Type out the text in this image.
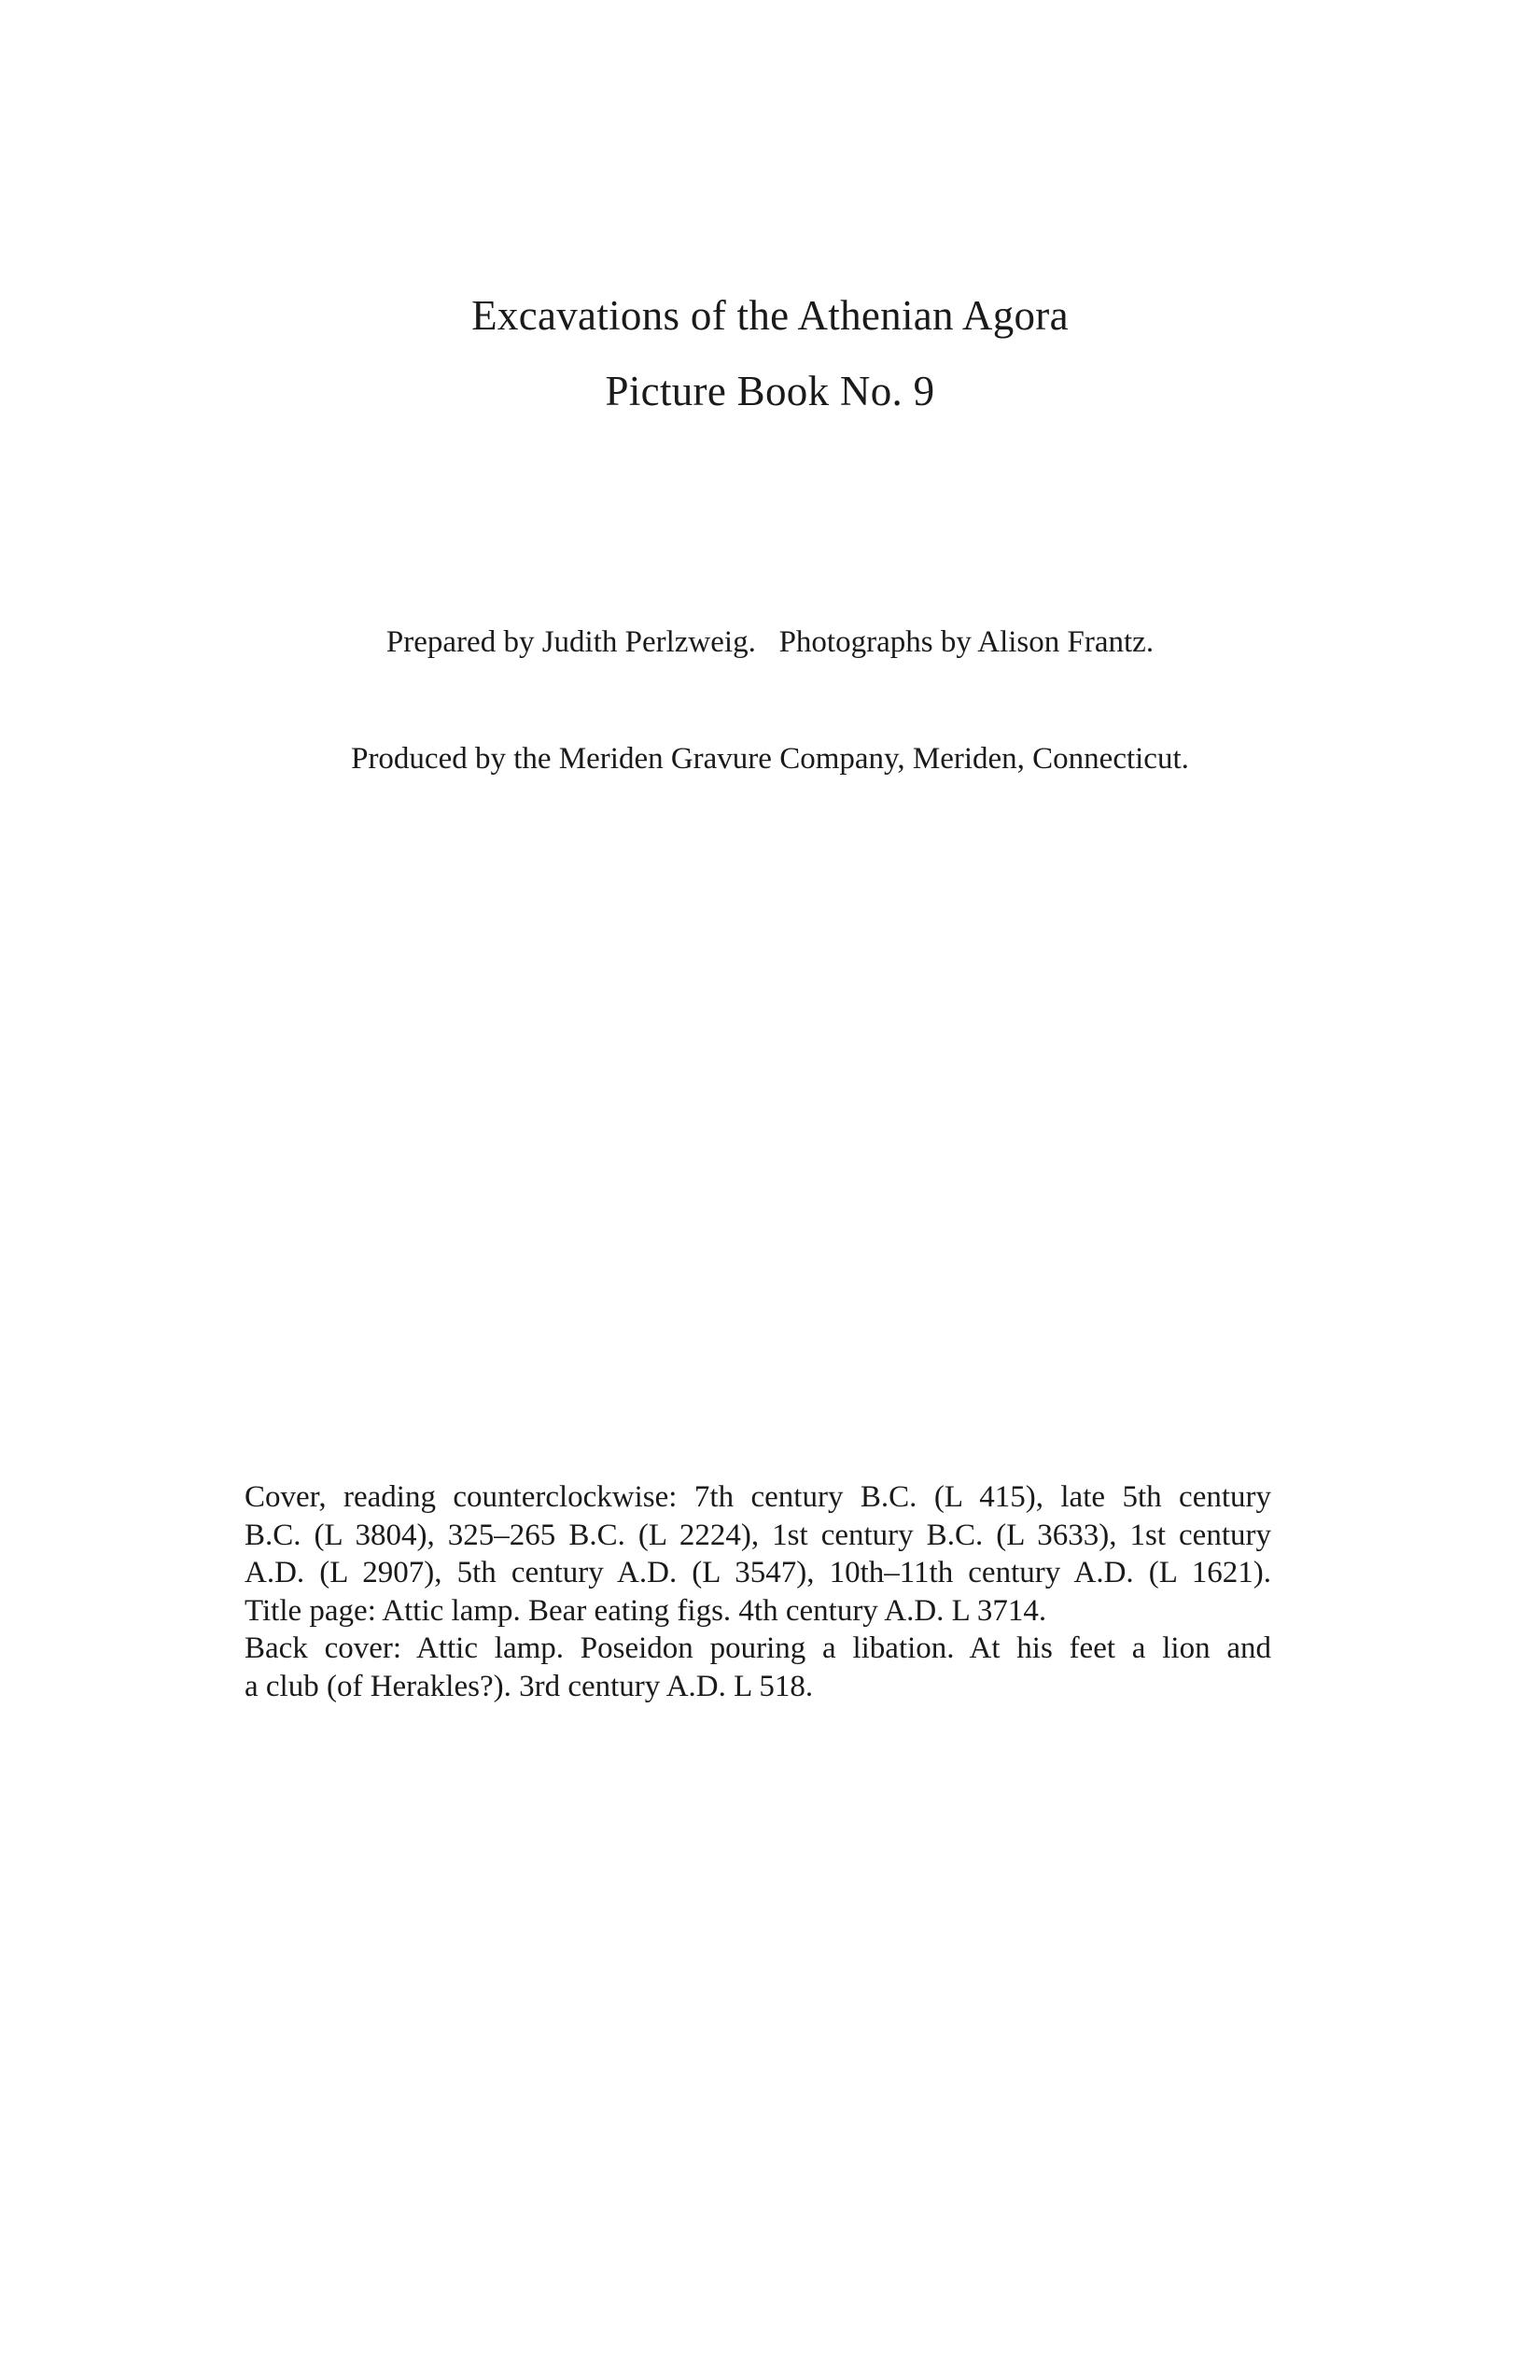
Excavations of the Athenian Agora
Picture Book No. 9
Prepared by Judith Perlzweig.   Photographs by Alison Frantz.
Produced by the Meriden Gravure Company, Meriden, Connecticut.
Cover, reading counterclockwise: 7th century B.C. (L 415), late 5th century
B.C. (L 3804), 325–265 B.C. (L 2224), 1st century B.C. (L 3633), 1st century
A.D. (L 2907), 5th century A.D. (L 3547), 10th–11th century A.D. (L 1621).
Title page: Attic lamp. Bear eating figs. 4th century A.D. L 3714.
Back cover: Attic lamp. Poseidon pouring a libation. At his feet a lion and
a club (of Herakles?). 3rd century A.D. L 518.
